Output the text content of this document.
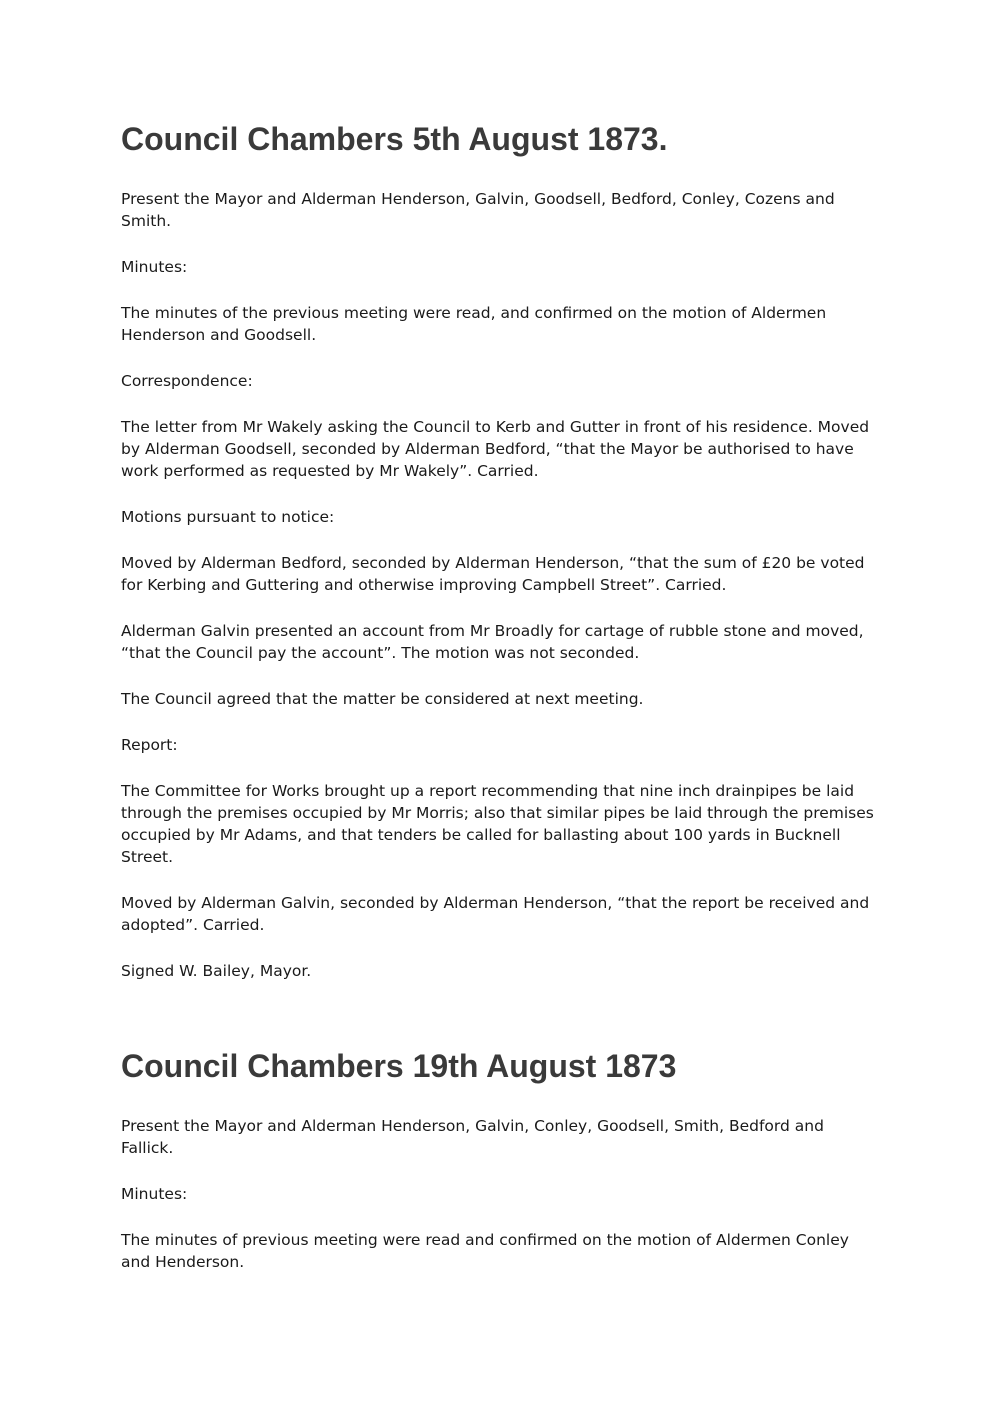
Council Chambers 5th August 1873.

Present the Mayor and Alderman Henderson, Galvin, Goodsell, Bedford, Conley, Cozens and Smith.

Minutes:

The minutes of the previous meeting were read, and confirmed on the motion of Aldermen Henderson and Goodsell.

Correspondence:

The letter from Mr Wakely asking the Council to Kerb and Gutter in front of his residence. Moved by Alderman Goodsell, seconded by Alderman Bedford, “that the Mayor be authorised to have work performed as requested by Mr Wakely”. Carried.

Motions pursuant to notice:

Moved by Alderman Bedford, seconded by Alderman Henderson, “that the sum of £20 be voted for Kerbing and Guttering and otherwise improving Campbell Street”. Carried.

Alderman Galvin presented an account from Mr Broadly for cartage of rubble stone and moved, “that the Council pay the account”. The motion was not seconded.

The Council agreed that the matter be considered at next meeting.

Report:

The Committee for Works brought up a report recommending that nine inch drainpipes be laid through the premises occupied by Mr Morris; also that similar pipes be laid through the premises occupied by Mr Adams, and that tenders be called for ballasting about 100 yards in Bucknell Street.

Moved by Alderman Galvin, seconded by Alderman Henderson, “that the report be received and adopted”. Carried.

Signed W. Bailey, Mayor.

Council Chambers 19th August 1873

Present the Mayor and Alderman Henderson, Galvin, Conley, Goodsell, Smith, Bedford and Fallick.

Minutes:

The minutes of previous meeting were read and confirmed on the motion of Aldermen Conley and Henderson.
